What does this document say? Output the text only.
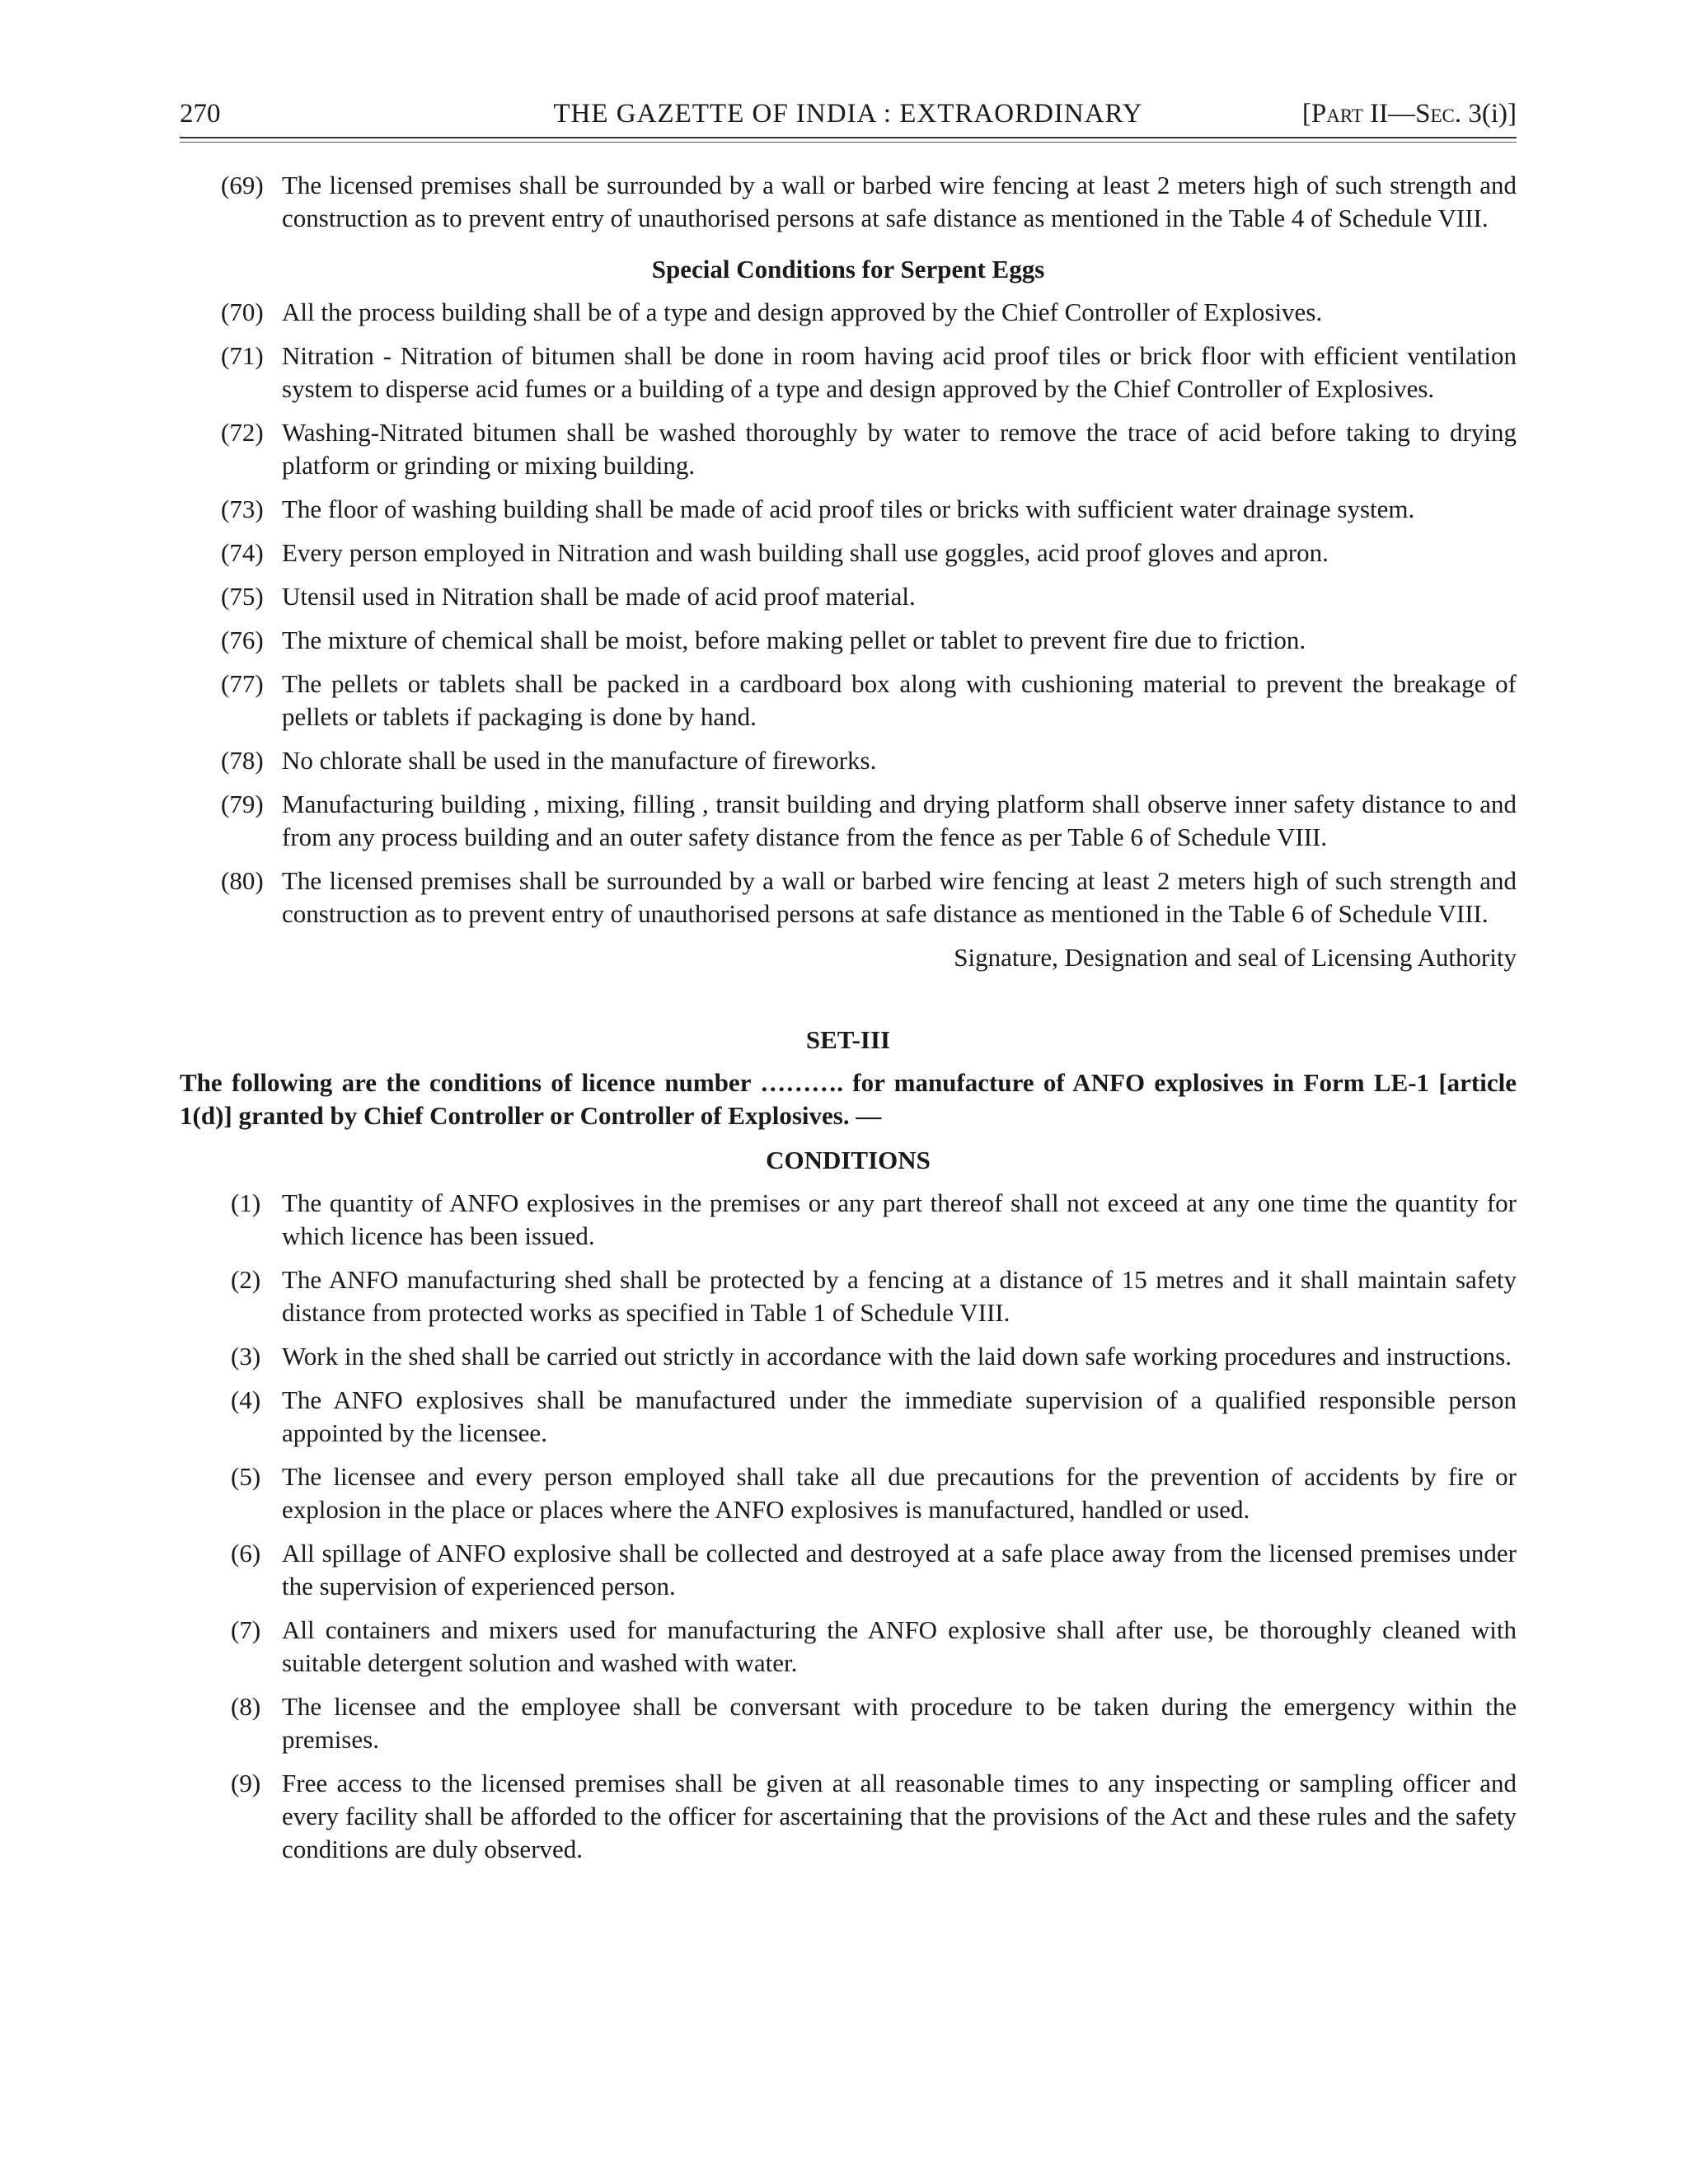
270	THE GAZETTE OF INDIA : EXTRAORDINARY	[Part II—Sec. 3(i)]
(69) The licensed premises shall be surrounded by a wall or barbed wire fencing at least 2 meters high of such strength and construction as to prevent entry of unauthorised persons at safe distance as mentioned in the Table 4 of Schedule VIII.
Special Conditions for Serpent Eggs
(70) All the process building shall be of a type and design approved by the Chief Controller of Explosives.
(71) Nitration - Nitration of bitumen shall be done in room having acid proof tiles or brick floor with efficient ventilation system to disperse acid fumes or a building of a type and design approved by the Chief Controller of Explosives.
(72) Washing-Nitrated bitumen shall be washed thoroughly by water to remove the trace of acid before taking to drying platform or grinding or mixing building.
(73) The floor of washing building shall be made of acid proof tiles or bricks with sufficient water drainage system.
(74) Every person employed in Nitration and wash building shall use goggles, acid proof gloves and apron.
(75) Utensil used in Nitration shall be made of acid proof material.
(76) The mixture of chemical shall be moist, before making pellet or tablet to prevent fire due to friction.
(77) The pellets or tablets shall be packed in a cardboard box along with cushioning material to prevent the breakage of pellets or tablets if packaging is done by hand.
(78) No chlorate shall be used in the manufacture of fireworks.
(79) Manufacturing building , mixing, filling , transit building and drying platform shall observe inner safety distance to and from any process building and an outer safety distance from the fence as per Table 6 of Schedule VIII.
(80) The licensed premises shall be surrounded by a wall or barbed wire fencing at least 2 meters high of such strength and construction as to prevent entry of unauthorised persons at safe distance as mentioned in the Table 6 of Schedule VIII.
Signature, Designation and seal of Licensing Authority
SET-III
The following are the conditions of licence number ………. for manufacture of ANFO explosives in Form LE-1 [article 1(d)] granted by Chief Controller or Controller of Explosives. —
CONDITIONS
(1) The quantity of ANFO explosives in the premises or any part thereof shall not exceed at any one time the quantity for which licence has been issued.
(2) The ANFO manufacturing shed shall be protected by a fencing at a distance of 15 metres and it shall maintain safety distance from protected works as specified in Table 1 of Schedule VIII.
(3) Work in the shed shall be carried out strictly in accordance with the laid down safe working procedures and instructions.
(4) The ANFO explosives shall be manufactured under the immediate supervision of a qualified responsible person appointed by the licensee.
(5) The licensee and every person employed shall take all due precautions for the prevention of accidents by fire or explosion in the place or places where the ANFO explosives is manufactured, handled or used.
(6) All spillage of ANFO explosive shall be collected and destroyed at a safe place away from the licensed premises under the supervision of experienced person.
(7) All containers and mixers used for manufacturing the ANFO explosive shall after use, be thoroughly cleaned with suitable detergent solution and washed with water.
(8) The licensee and the employee shall be conversant with procedure to be taken during the emergency within the premises.
(9) Free access to the licensed premises shall be given at all reasonable times to any inspecting or sampling officer and every facility shall be afforded to the officer for ascertaining that the provisions of the Act and these rules and the safety conditions are duly observed.
